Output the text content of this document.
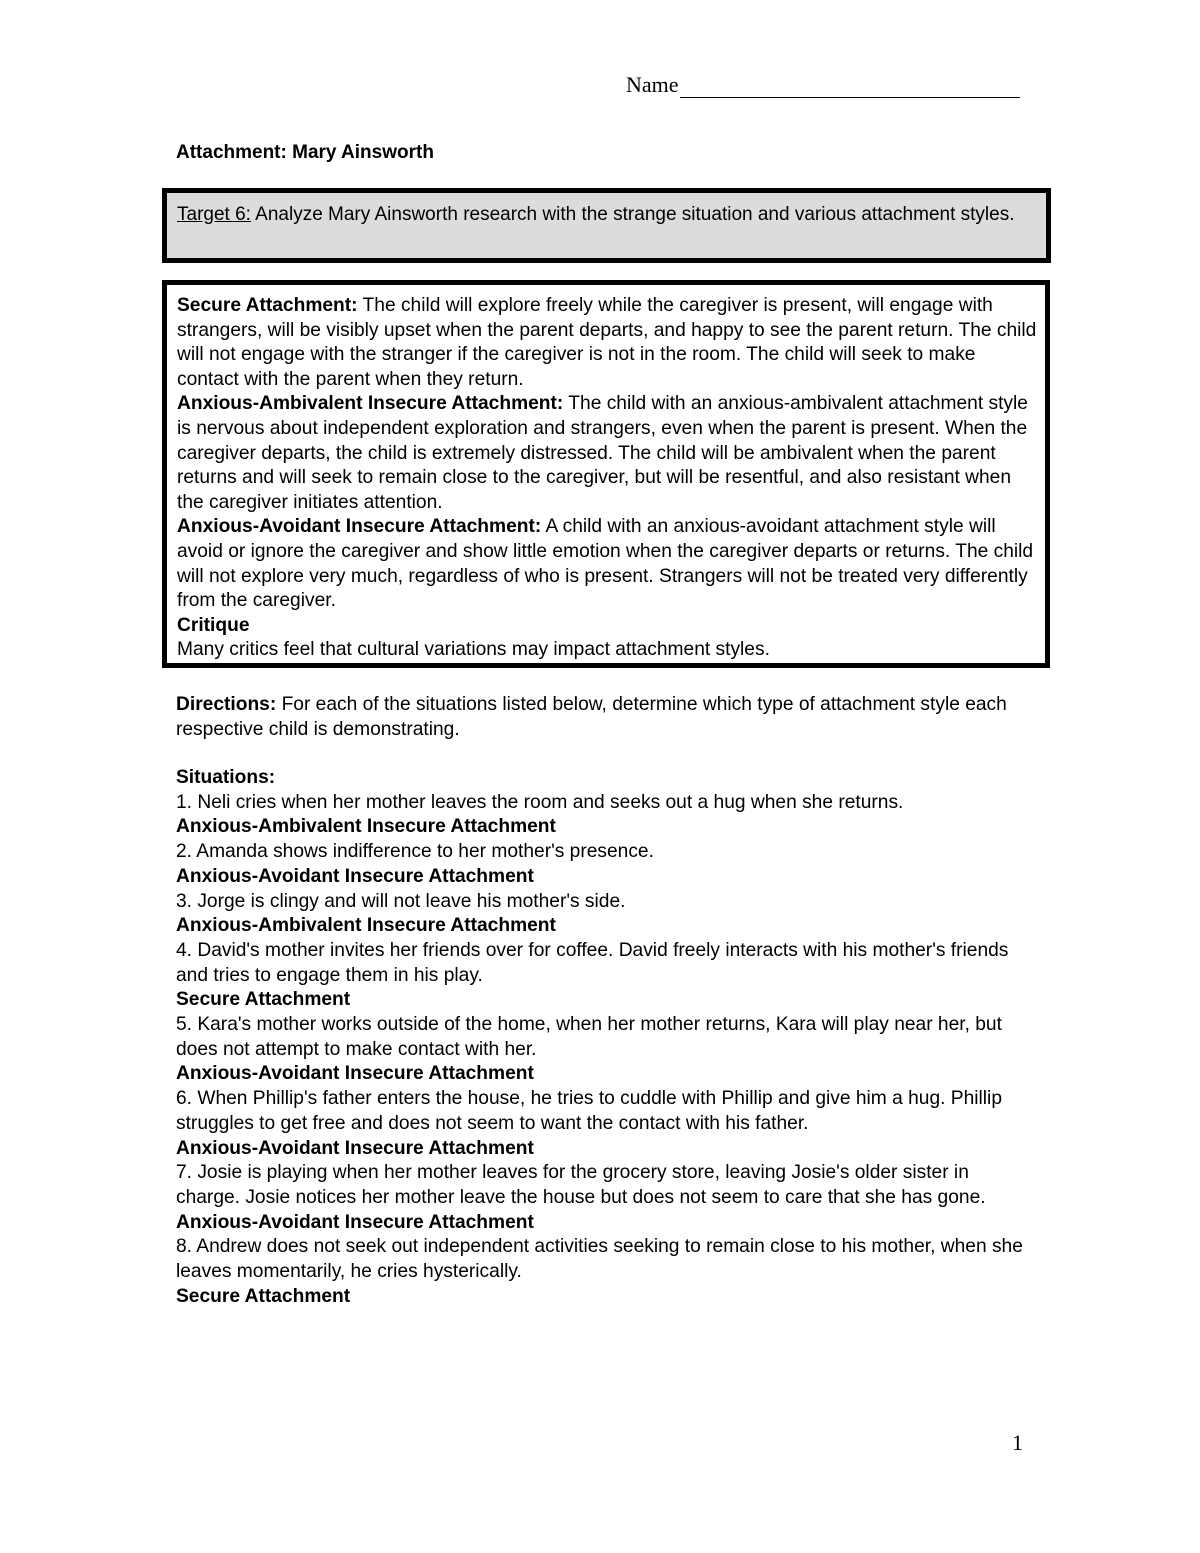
Name
Attachment: Mary Ainsworth
Target 6: Analyze Mary Ainsworth research with the strange situation and various attachment styles.

Secure Attachment: The child will explore freely while the caregiver is present, will engage with strangers, will be visibly upset when the parent departs, and happy to see the parent return. The child will not engage with the stranger if the caregiver is not in the room. The child will seek to make contact with the parent when they return.

Anxious-Ambivalent Insecure Attachment: The child with an anxious-ambivalent attachment style is nervous about independent exploration and strangers, even when the parent is present. When the caregiver departs, the child is extremely distressed. The child will be ambivalent when the parent returns and will seek to remain close to the caregiver, but will be resentful, and also resistant when the caregiver initiates attention.

Anxious-Avoidant Insecure Attachment: A child with an anxious-avoidant attachment style will avoid or ignore the caregiver and show little emotion when the caregiver departs or returns. The child will not explore very much, regardless of who is present. Strangers will not be treated very differently from the caregiver.

Critique

Many critics feel that cultural variations may impact attachment styles.

Directions: For each of the situations listed below, determine which type of attachment style each respective child is demonstrating.

Situations:

1. Neli cries when her mother leaves the room and seeks out a hug when she returns.

Anxious-Ambivalent Insecure Attachment

2. Amanda shows indifference to her mother's presence.

Anxious-Avoidant Insecure Attachment

3. Jorge is clingy and will not leave his mother's side.

Anxious-Ambivalent Insecure Attachment

4. David's mother invites her friends over for coffee. David freely interacts with his mother's friends and tries to engage them in his play.

Secure Attachment

5. Kara's mother works outside of the home, when her mother returns, Kara will play near her, but does not attempt to make contact with her.

Anxious-Avoidant Insecure Attachment

6. When Phillip's father enters the house, he tries to cuddle with Phillip and give him a hug. Phillip struggles to get free and does not seem to want the contact with his father.

Anxious-Avoidant Insecure Attachment

7. Josie is playing when her mother leaves for the grocery store, leaving Josie's older sister in charge. Josie notices her mother leave the house but does not seem to care that she has gone.

Anxious-Avoidant Insecure Attachment

8. Andrew does not seek out independent activities seeking to remain close to his mother, when she leaves momentarily, he cries hysterically.

Secure Attachment

1
